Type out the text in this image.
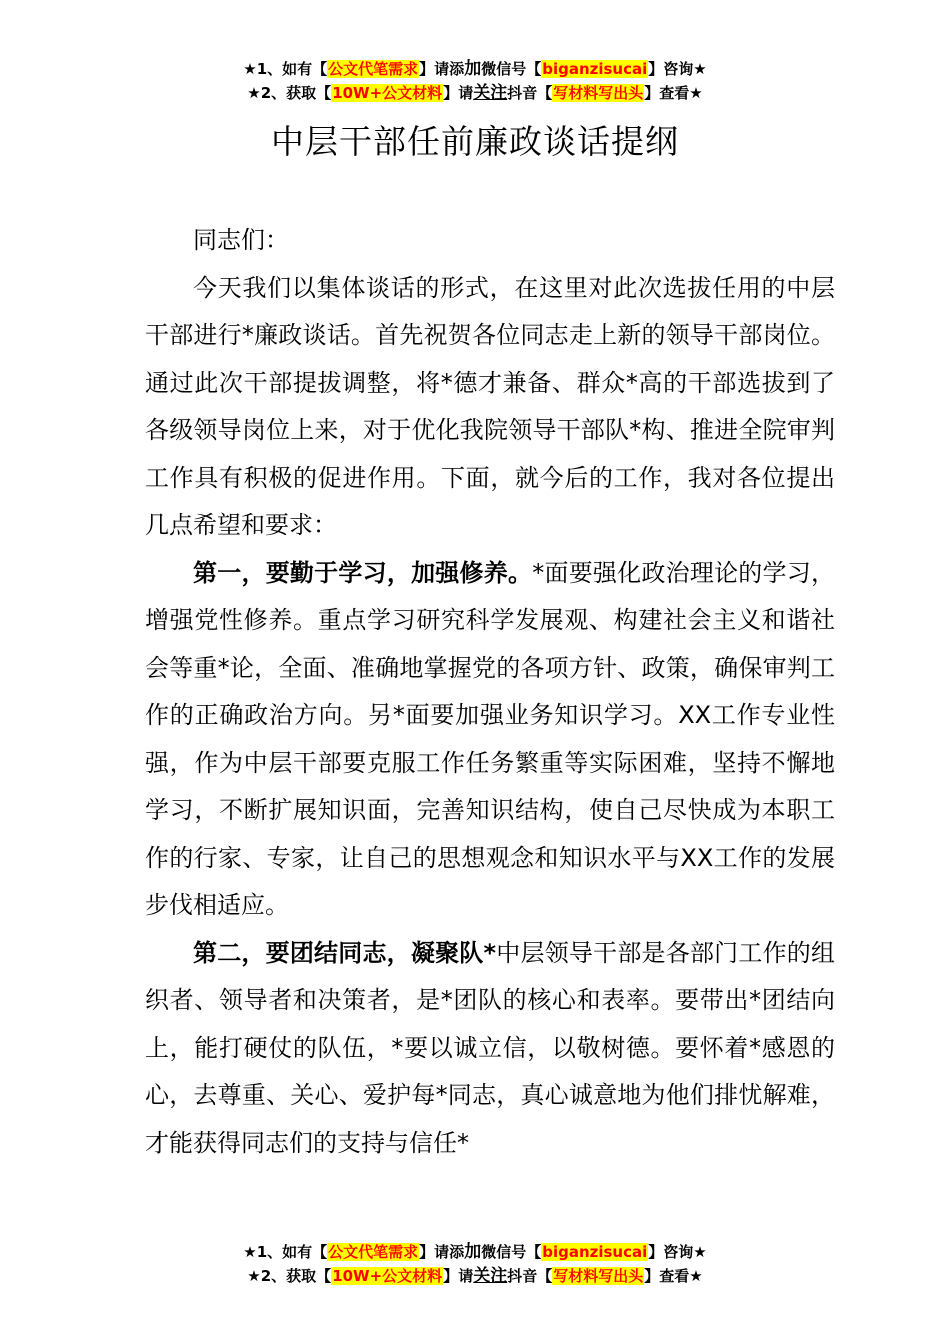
★1、如有【公文代笔需求】请添加微信号【biganzisucai】咨询★
★2、获取【10W+公文材料】请关注抖音【写材料写出头】查看★
中层干部任前廉政谈话提纲

同志们：

今天我们以集体谈话的形式，在这里对此次选拔任用的中层干部进行*廉政谈话。首先祝贺各位同志走上新的领导干部岗位。通过此次干部提拔调整，将*德才兼备、群众*高的干部选拔到了各级领导岗位上来，对于优化我院领导干部队*构、推进全院审判工作具有积极的促进作用。下面，就今后的工作，我对各位提出几点希望和要求：

第一，要勤于学习，加强修养。*面要强化政治理论的学习，增强党性修养。重点学习研究科学发展观、构建社会主义和谐社会等重*论，全面、准确地掌握党的各项方针、政策，确保审判工作的正确政治方向。另*面要加强业务知识学习。XX工作专业性强，作为中层干部要克服工作任务繁重等实际困难，坚持不懈地学习，不断扩展知识面，完善知识结构，使自己尽快成为本职工作的行家、专家，让自己的思想观念和知识水平与XX工作的发展步伐相适应。

第二，要团结同志，凝聚队*中层领导干部是各部门工作的组织者、领导者和决策者，是*团队的核心和表率。要带出*团结向上，能打硬仗的队伍，*要以诚立信，以敬树德。要怀着*感恩的心，去尊重、关心、爱护每*同志，真心诚意地为他们排忧解难，才能获得同志们的支持与信任*

★1、如有【公文代笔需求】请添加微信号【biganzisucai】咨询★
★2、获取【10W+公文材料】请关注抖音【写材料写出头】查看★
